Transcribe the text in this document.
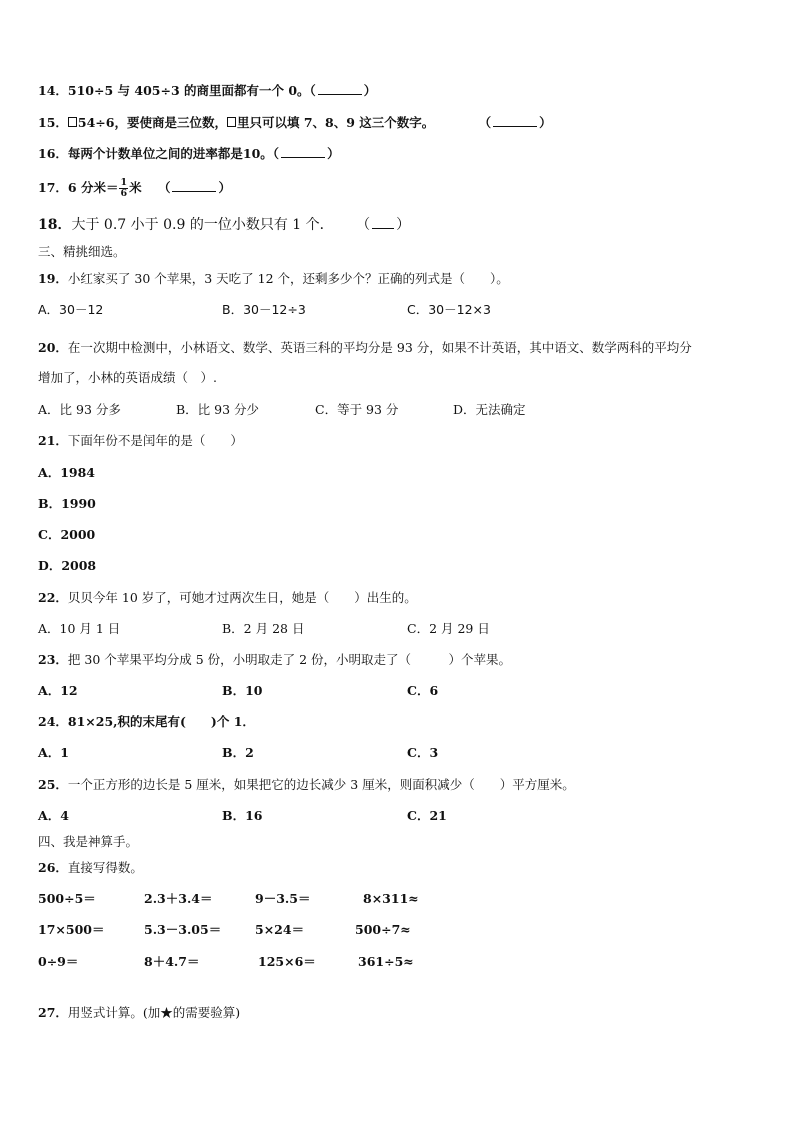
14．510÷5 与 405÷3 的商里面都有一个 0。（	）
15． 54÷6，要使商是三位数， 里只可以填 7、8、9 这三个数字。	（	）
16．每两个计数单位之间的进率都是10。（	）
17．6 分米＝ $\frac{1}{6}$ 米 （	）
18．大于 0.7 小于 0.9 的一位小数只有 1 个． （ ）
三、精挑细选。
19．小红家买了 30 个苹果，3 天吃了 12 个，还剩多少个？正确的列式是（　　）。
A．30－12	B．30－12÷3	C．30－12×3
20．在一次期中检测中，小林语文、数学、英语三科的平均分是 93 分，如果不计英语，其中语文、数学两科的平均分
增加了，小林的英语成绩（　）.
A．比 93 分多	B．比 93 分少	C．等于 93 分	D．无法确定
21．下面年份不是闰年的是（　　）
A．1984
B．1990
C．2000
D．2008
22．贝贝今年 10 岁了，可她才过两次生日，她是（　　）出生的。
A．10 月 1 日	B．2 月 28 日	C．2 月 29 日
23．把 30 个苹果平均分成 5 份，小明取走了 2 份，小明取走了（　　　）个苹果。
A．12	B．10	C．6
24．81×25,积的末尾有(　　)个 1．
A．1	B．2	C．3
25．一个正方形的边长是 5 厘米，如果把它的边长减少 3 厘米，则面积减少（　　）平方厘米。
A．4	B．16	C．21
四、我是神算手。
26．直接写得数。
500÷5＝	2.3＋3.4＝	9－3.5＝	8×311≈
17×500＝	5.3－3.05＝	5×24＝	500÷7≈
0÷9＝	8＋4.7＝	125×6＝	361÷5≈
27．用竖式计算。(加★的需要验算)
